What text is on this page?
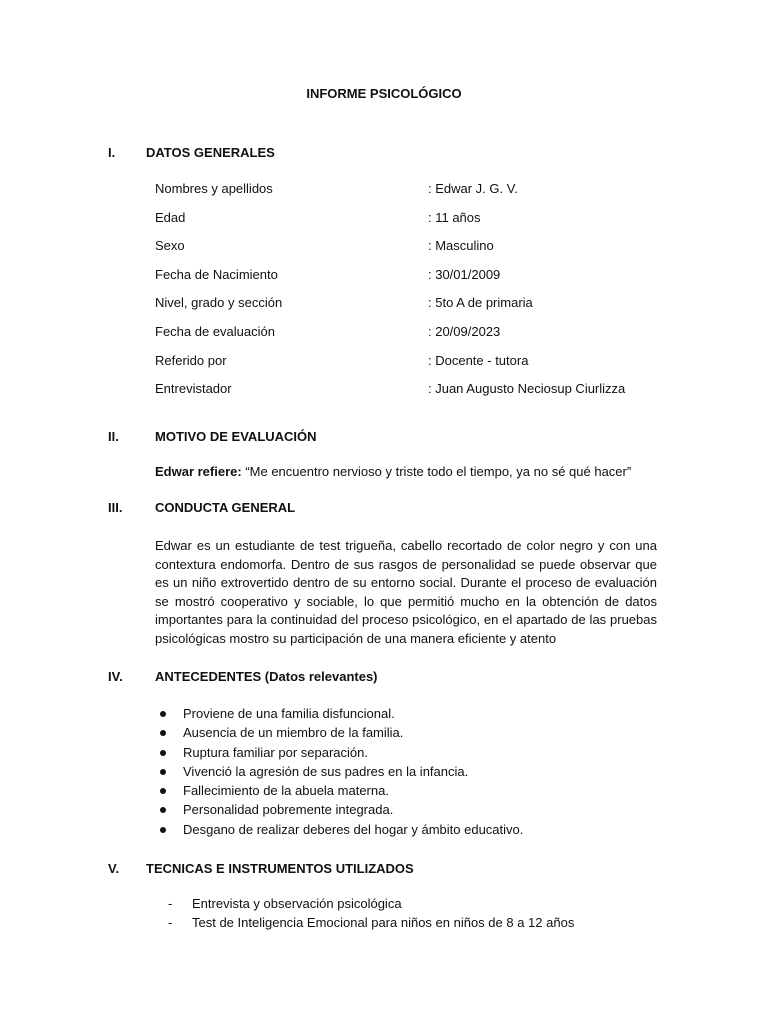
INFORME PSICOLÓGICO
I. DATOS GENERALES
Nombres y apellidos	: Edwar J. G. V.
Edad	: 11 años
Sexo	: Masculino
Fecha de Nacimiento	: 30/01/2009
Nivel, grado y sección	: 5to A de primaria
Fecha de evaluación	: 20/09/2023
Referido por	: Docente - tutora
Entrevistador	: Juan Augusto Neciosup Ciurlizza
II.	MOTIVO DE EVALUACIÓN
Edwar refiere: “Me encuentro nervioso y triste todo el tiempo, ya no sé qué hacer”
III.	CONDUCTA GENERAL
Edwar es un estudiante de test trigueña, cabello recortado de color negro y con una contextura endomorfa. Dentro de sus rasgos de personalidad se puede observar que es un niño extrovertido dentro de su entorno social. Durante el proceso de evaluación se mostró cooperativo y sociable, lo que permitió mucho en la obtención de datos importantes para la continuidad del proceso psicológico, en el apartado de las pruebas psicológicas mostro su participación de una manera eficiente y atento
IV. ANTECEDENTES (Datos relevantes)
Proviene de una familia disfuncional.
Ausencia de un miembro de la familia.
Ruptura familiar por separación.
Vivenció la agresión de sus padres en la infancia.
Fallecimiento de la abuela materna.
Personalidad pobremente integrada.
Desgano de realizar deberes del hogar y ámbito educativo.
V. TECNICAS E INSTRUMENTOS UTILIZADOS
- Entrevista y observación psicológica
- Test de Inteligencia Emocional para niños en niños de 8 a 12 años
